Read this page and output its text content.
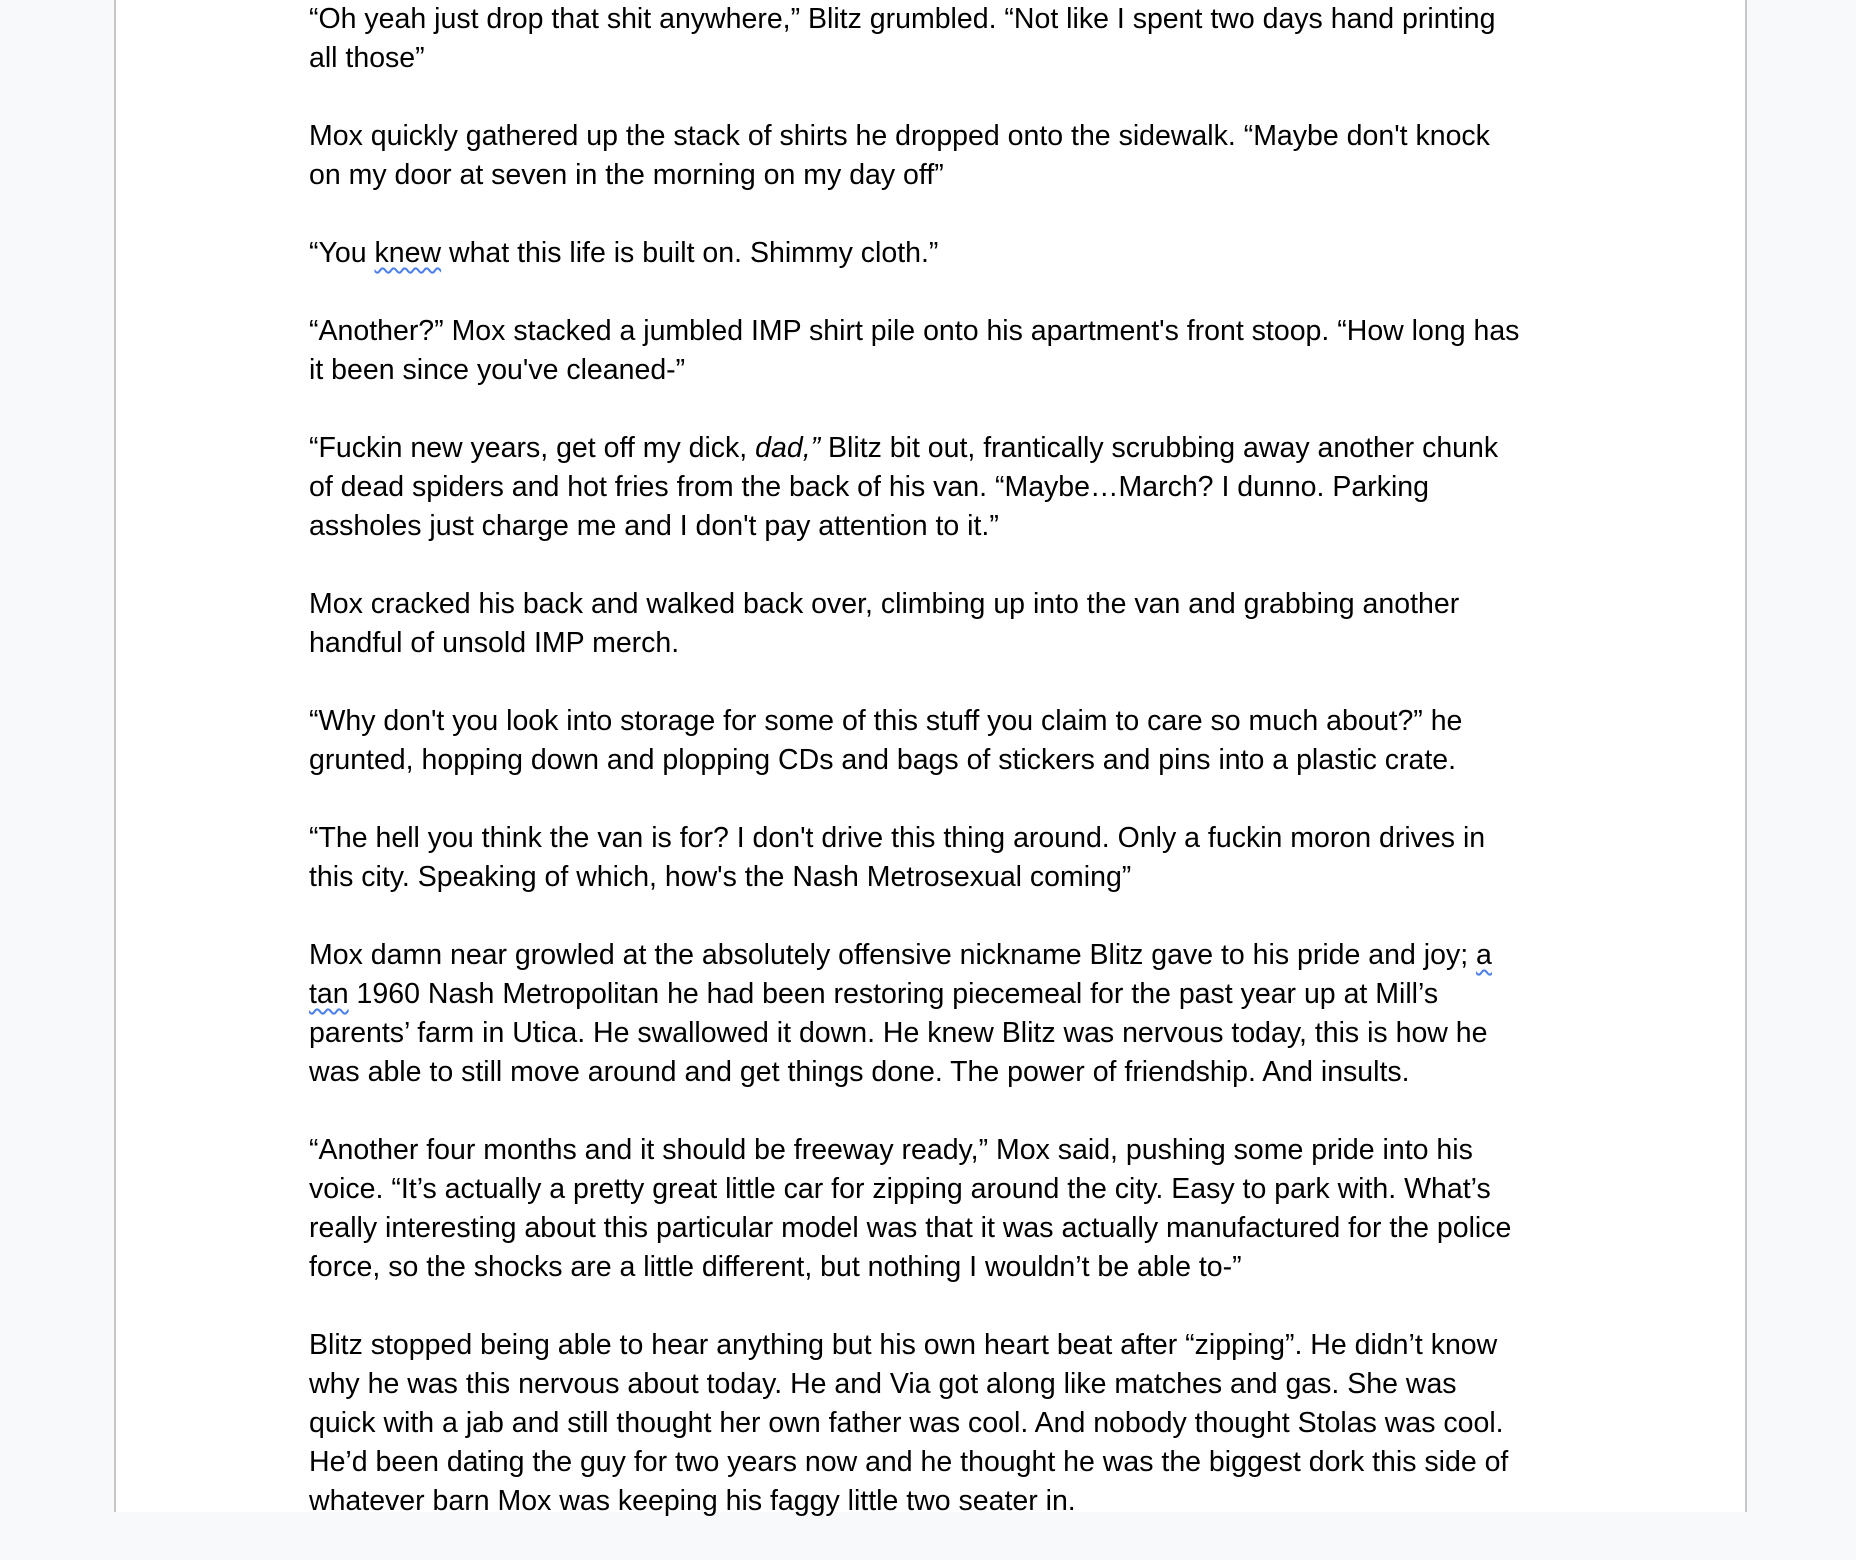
“Oh yeah just drop that shit anywhere,” Blitz grumbled. “Not like I spent two days hand printing
all those”

Mox quickly gathered up the stack of shirts he dropped onto the sidewalk. “Maybe don't knock
on my door at seven in the morning on my day off”

“You knew what this life is built on. Shimmy cloth.”

“Another?” Mox stacked a jumbled IMP shirt pile onto his apartment's front stoop. “How long has
it been since you've cleaned-”

“Fuckin new years, get off my dick, dad,” Blitz bit out, frantically scrubbing away another chunk
of dead spiders and hot fries from the back of his van. “Maybe…March? I dunno. Parking
assholes just charge me and I don't pay attention to it.”

Mox cracked his back and walked back over, climbing up into the van and grabbing another
handful of unsold IMP merch.

“Why don't you look into storage for some of this stuff you claim to care so much about?” he
grunted, hopping down and plopping CDs and bags of stickers and pins into a plastic crate.

“The hell you think the van is for? I don't drive this thing around. Only a fuckin moron drives in
this city. Speaking of which, how's the Nash Metrosexual coming”

Mox damn near growled at the absolutely offensive nickname Blitz gave to his pride and joy; a
tan 1960 Nash Metropolitan he had been restoring piecemeal for the past year up at Mill’s
parents’ farm in Utica. He swallowed it down. He knew Blitz was nervous today, this is how he
was able to still move around and get things done. The power of friendship. And insults.

“Another four months and it should be freeway ready,” Mox said, pushing some pride into his
voice. “It’s actually a pretty great little car for zipping around the city. Easy to park with. What’s
really interesting about this particular model was that it was actually manufactured for the police
force, so the shocks are a little different, but nothing I wouldn’t be able to-”

Blitz stopped being able to hear anything but his own heart beat after “zipping”. He didn’t know
why he was this nervous about today. He and Via got along like matches and gas. She was
quick with a jab and still thought her own father was cool. And nobody thought Stolas was cool.
He’d been dating the guy for two years now and he thought he was the biggest dork this side of
whatever barn Mox was keeping his faggy little two seater in.
